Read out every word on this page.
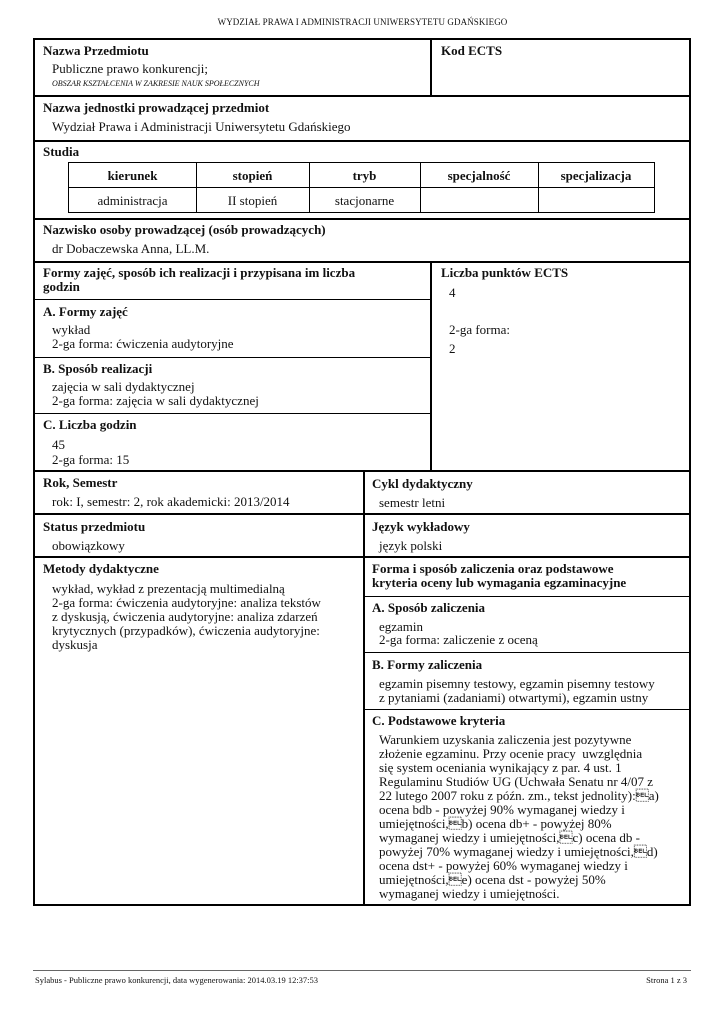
WYDZIAŁ PRAWA I ADMINISTRACJI UNIWERSYTETU GDAŃSKIEGO
Nazwa Przedmiotu
Publiczne prawo konkurencji;
OBSZAR KSZTAŁCENIA W ZAKRESIE NAUK SPOŁECZNYCH
Kod ECTS
Nazwa jednostki prowadzącej przedmiot
Wydział Prawa i Administracji Uniwersytetu Gdańskiego
Studia
kierunek	stopień	tryb	specjalność	specjalizacja
administracja	II stopień	stacjonarne
Nazwisko osoby prowadzącej (osób prowadzących)
dr Dobaczewska Anna, LL.M.
Formy zajęć, sposób ich realizacji i przypisana im liczba
godzin
A. Formy zajęć
wykład
2-ga forma: ćwiczenia audytoryjne
B. Sposób realizacji
zajęcia w sali dydaktycznej
2-ga forma: zajęcia w sali dydaktycznej
C. Liczba godzin
45
2-ga forma: 15
Liczba punktów ECTS
4
2-ga forma:
2
Rok, Semestr
rok: I, semestr: 2, rok akademicki: 2013/2014
Cykl dydaktyczny
semestr letni
Status przedmiotu
obowiązkowy
Język wykładowy
język polski
Metody dydaktyczne
wykład, wykład z prezentacją multimedialną
2-ga forma: ćwiczenia audytoryjne: analiza tekstów
z dyskusją, ćwiczenia audytoryjne: analiza zdarzeń
krytycznych (przypadków), ćwiczenia audytoryjne:
dyskusja
Forma i sposób zaliczenia oraz podstawowe
kryteria oceny lub wymagania egzaminacyjne
A. Sposób zaliczenia
egzamin
2-ga forma: zaliczenie z oceną
B. Formy zaliczenia
egzamin pisemny testowy, egzamin pisemny testowy
z pytaniami (zadaniami) otwartymi), egzamin ustny
C. Podstawowe kryteria
Warunkiem uzyskania zaliczenia jest pozytywne
złożenie egzaminu. Przy ocenie pracy  uwzględnia
się system oceniania wynikający z par. 4 ust. 1
Regulaminu Studiów UG (Uchwała Senatu nr 4/07 z
22 lutego 2007 roku z późn. zm., tekst jednolity):a)
ocena bdb - powyżej 90% wymaganej wiedzy i
umiejętności,b) ocena db+ - powyżej 80%
wymaganej wiedzy i umiejętności,c) ocena db -
powyżej 70% wymaganej wiedzy i umiejętności,d)
ocena dst+ - powyżej 60% wymaganej wiedzy i
umiejętności,e) ocena dst - powyżej 50%
wymaganej wiedzy i umiejętności.
Sylabus - Publiczne prawo konkurencji, data wygenerowania: 2014.03.19 12:37:53	Strona 1 z 3
